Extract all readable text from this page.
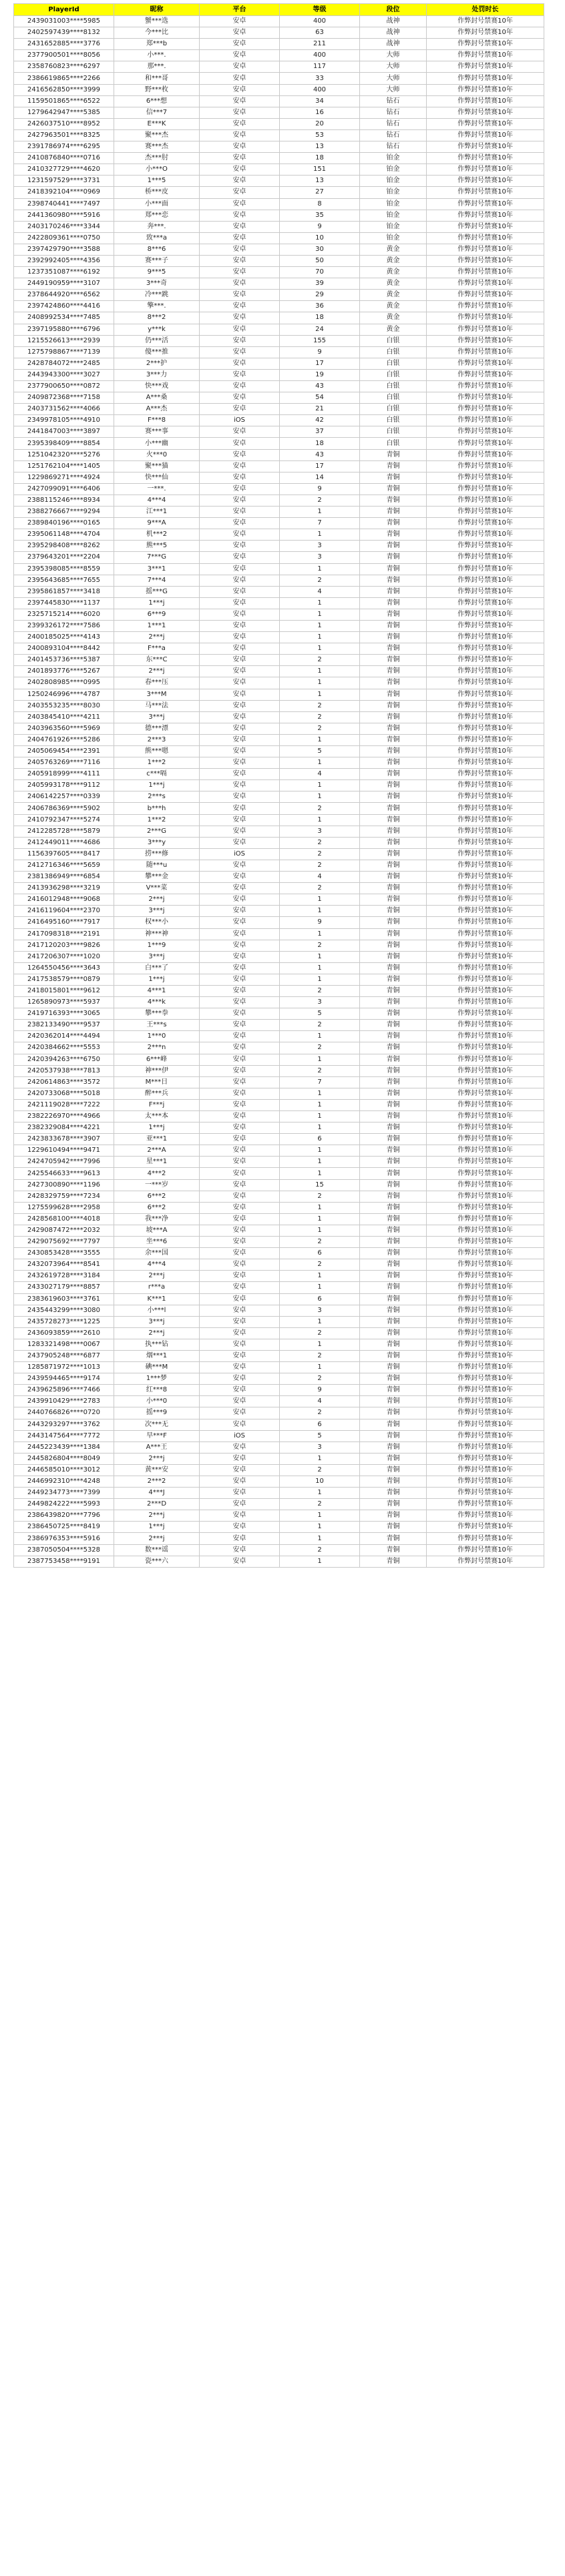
PlayerId	昵称	平台	等级	段位	处罚时长
2439031003****5985	蟹***选	安卓	400	战神	作弊封号禁赛10年
2402597439****8132	今***比	安卓	63	战神	作弊封号禁赛10年
2431652885****3776	郑***b	安卓	211	战神	作弊封号禁赛10年
2377900501****8056	小***.	安卓	400	大师	作弊封号禁赛10年
2358760823****6297	那***.	安卓	117	大师	作弊封号禁赛10年
2386619865****2266	和***哥	安卓	33	大师	作弊封号禁赛10年
2416562850****3999	野***枚	安卓	400	大师	作弊封号禁赛10年
1159501865****6522	6***想	安卓	34	钻石	作弊封号禁赛10年
1279642947****5385	信***7	安卓	16	钻石	作弊封号禁赛10年
2426037510****8952	E***K	安卓	20	钻石	作弊封号禁赛10年
2427963501****8325	聚***杰	安卓	53	钻石	作弊封号禁赛10年
2391786974****6295	赛***杰	安卓	13	钻石	作弊封号禁赛10年
2410876840****0716	杰***肘	安卓	18	铂金	作弊封号禁赛10年
2410327729****4620	小***O	安卓	151	铂金	作弊封号禁赛10年
1231597529****3731	1***5	安卓	13	铂金	作弊封号禁赛10年
2418392104****0969	桥***皮	安卓	27	铂金	作弊封号禁赛10年
2398740441****7497	小***面	安卓	8	铂金	作弊封号禁赛10年
2441360980****5916	郑***恋	安卓	35	铂金	作弊封号禁赛10年
2403170246****3344	奔***.	安卓	9	铂金	作弊封号禁赛10年
2422809361****0750	致***a	安卓	10	铂金	作弊封号禁赛10年
2397429790****3588	8***6	安卓	30	黄金	作弊封号禁赛10年
2392992405****4356	赛***子	安卓	50	黄金	作弊封号禁赛10年
1237351087****6192	9***5	安卓	70	黄金	作弊封号禁赛10年
2449190959****3107	3***奇	安卓	39	黄金	作弊封号禁赛10年
2378644920****6562	冷***跳	安卓	29	黄金	作弊封号禁赛10年
2397424860****4416	擎***.	安卓	36	黄金	作弊封号禁赛10年
2408992534****7485	8***2	安卓	18	黄金	作弊封号禁赛10年
2397195880****6796	y***k	安卓	24	黄金	作弊封号禁赛10年
1215526613****2939	仍***活	安卓	155	白银	作弊封号禁赛10年
1275798867****7139	傻***推	安卓	9	白银	作弊封号禁赛10年
2428784072****2485	2***护	安卓	17	白银	作弊封号禁赛10年
2443943300****3027	3***力	安卓	19	白银	作弊封号禁赛10年
2377900650****0872	快***戏	安卓	43	白银	作弊封号禁赛10年
2409872368****7158	A***桑	安卓	54	白银	作弊封号禁赛10年
2403731562****4066	A***杰	安卓	21	白银	作弊封号禁赛10年
2349978105****4910	F***8	iOS	42	白银	作弊封号禁赛10年
2441847003****3897	赛***事	安卓	37	白银	作弊封号禁赛10年
2395398409****8854	小***幽	安卓	18	白银	作弊封号禁赛10年
1251042320****5276	火***0	安卓	43	青铜	作弊封号禁赛10年
1251762104****1405	聚***猫	安卓	17	青铜	作弊封号禁赛10年
1229869271****4924	快***仙	安卓	14	青铜	作弊封号禁赛10年
2427099091****6406	一***.	安卓	9	青铜	作弊封号禁赛10年
2388115246****8934	4***4	安卓	2	青铜	作弊封号禁赛10年
2388276667****9294	江***1	安卓	1	青铜	作弊封号禁赛10年
2389840196****0165	9***A	安卓	7	青铜	作弊封号禁赛10年
2395061148****4704	机***2	安卓	1	青铜	作弊封号禁赛10年
2395298408****8262	熊***5	安卓	3	青铜	作弊封号禁赛10年
2379643201****2204	7***G	安卓	3	青铜	作弊封号禁赛10年
2395398085****8559	3***1	安卓	1	青铜	作弊封号禁赛10年
2395643685****7655	7***4	安卓	2	青铜	作弊封号禁赛10年
2395861857****3418	摇***G	安卓	4	青铜	作弊封号禁赛10年
2397445830****1137	1***j	安卓	1	青铜	作弊封号禁赛10年
2325715214****6020	6***9	安卓	1	青铜	作弊封号禁赛10年
2399326172****7586	1***1	安卓	1	青铜	作弊封号禁赛10年
2400185025****4143	2***j	安卓	1	青铜	作弊封号禁赛10年
2400893104****8442	F***a	安卓	1	青铜	作弊封号禁赛10年
2401453736****5387	东***C	安卓	2	青铜	作弊封号禁赛10年
2401893776****5267	2***j	安卓	1	青铜	作弊封号禁赛10年
2402808985****0995	春***压	安卓	1	青铜	作弊封号禁赛10年
1250246996****4787	3***M	安卓	1	青铜	作弊封号禁赛10年
2403553235****8030	马***法	安卓	2	青铜	作弊封号禁赛10年
2403845410****4211	3***j	安卓	2	青铜	作弊封号禁赛10年
2403963560****5969	德***漂	安卓	2	青铜	作弊封号禁赛10年
2404761926****5286	2***3	安卓	1	青铜	作弊封号禁赛10年
2405069454****2391	熊***嗯	安卓	5	青铜	作弊封号禁赛10年
2405763269****7116	1***2	安卓	1	青铜	作弊封号禁赛10年
2405918999****4111	c***嗝	安卓	4	青铜	作弊封号禁赛10年
2405993178****9112	1***j	安卓	1	青铜	作弊封号禁赛10年
2406142257****0339	2***s	安卓	1	青铜	作弊封号禁赛10年
2406786369****5902	b***h	安卓	2	青铜	作弊封号禁赛10年
2410792347****5274	1***2	安卓	1	青铜	作弊封号禁赛10年
2412285728****5879	2***G	安卓	3	青铜	作弊封号禁赛10年
2412449011****4686	3***y	安卓	2	青铜	作弊封号禁赛10年
1156397605****8417	捞***修	iOS	2	青铜	作弊封号禁赛10年
2412716346****5659	随***u	安卓	2	青铜	作弊封号禁赛10年
2381386949****6854	攀***金	安卓	4	青铜	作弊封号禁赛10年
2413936298****3219	V***菜	安卓	2	青铜	作弊封号禁赛10年
2416012948****9068	2***j	安卓	1	青铜	作弊封号禁赛10年
2416119604****2370	3***j	安卓	1	青铜	作弊封号禁赛10年
2416495160****7917	权***小	安卓	9	青铜	作弊封号禁赛10年
2417098318****2191	神***神	安卓	1	青铜	作弊封号禁赛10年
2417120203****9826	1***9	安卓	2	青铜	作弊封号禁赛10年
2417206307****1020	3***j	安卓	1	青铜	作弊封号禁赛10年
1264550456****3643	白***了	安卓	1	青铜	作弊封号禁赛10年
2417538579****0879	1***j	安卓	1	青铜	作弊封号禁赛10年
2418015801****9612	4***1	安卓	2	青铜	作弊封号禁赛10年
1265890973****5937	4***k	安卓	3	青铜	作弊封号禁赛10年
2419716393****3065	攀***拳	安卓	5	青铜	作弊封号禁赛10年
2382133490****9537	王***s	安卓	2	青铜	作弊封号禁赛10年
2420362014****4494	1***0	安卓	1	青铜	作弊封号禁赛10年
2420384662****5553	2***n	安卓	2	青铜	作弊封号禁赛10年
2420394263****6750	6***峰	安卓	1	青铜	作弊封号禁赛10年
2420537938****7813	神***伊	安卓	2	青铜	作弊封号禁赛10年
2420614863****3572	M***日	安卓	7	青铜	作弊封号禁赛10年
2420733068****5018	醉***兵	安卓	1	青铜	作弊封号禁赛10年
2421119028****7222	F***j	安卓	1	青铜	作弊封号禁赛10年
2382226970****4966	太***本	安卓	1	青铜	作弊封号禁赛10年
2382329084****4221	1***j	安卓	1	青铜	作弊封号禁赛10年
2423833678****3907	亚***1	安卓	6	青铜	作弊封号禁赛10年
1229610494****9471	2***A	安卓	1	青铜	作弊封号禁赛10年
2424705942****7996	星***1	安卓	1	青铜	作弊封号禁赛10年
2425546633****9613	4***2	安卓	1	青铜	作弊封号禁赛10年
2427300890****1196	一***岁	安卓	15	青铜	作弊封号禁赛10年
2428329759****7234	6***2	安卓	2	青铜	作弊封号禁赛10年
1275599628****2958	6***2	安卓	1	青铜	作弊封号禁赛10年
2428568100****4018	我***净	安卓	1	青铜	作弊封号禁赛10年
2429087472****2032	坡***A	安卓	1	青铜	作弊封号禁赛10年
2429075692****7797	坐***6	安卓	2	青铜	作弊封号禁赛10年
2430853428****3555	余***国	安卓	6	青铜	作弊封号禁赛10年
2432073964****8541	4***4	安卓	2	青铜	作弊封号禁赛10年
2432619728****3184	2***j	安卓	1	青铜	作弊封号禁赛10年
2433027179****8857	r***a	安卓	1	青铜	作弊封号禁赛10年
2383619603****3761	K***1	安卓	6	青铜	作弊封号禁赛10年
2435443299****3080	小***l	安卓	3	青铜	作弊封号禁赛10年
2435728273****1225	3***j	安卓	1	青铜	作弊封号禁赛10年
2436093859****2610	2***j	安卓	2	青铜	作弊封号禁赛10年
1283321498****0067	执***钻	安卓	1	青铜	作弊封号禁赛10年
2437905248****6877	烟***1	安卓	2	青铜	作弊封号禁赛10年
1285871972****1013	碘***M	安卓	1	青铜	作弊封号禁赛10年
2439594465****9174	1***梦	安卓	2	青铜	作弊封号禁赛10年
2439625896****7466	红***8	安卓	9	青铜	作弊封号禁赛10年
2439910429****2783	小***0	安卓	4	青铜	作弊封号禁赛10年
2440766826****0720	摇***9	安卓	2	青铜	作弊封号禁赛10年
2443293297****3762	次***无	安卓	6	青铜	作弊封号禁赛10年
2443147564****7772	早***F	iOS	5	青铜	作弊封号禁赛10年
2445223439****1384	A***王	安卓	3	青铜	作弊封号禁赛10年
2445826804****8049	2***j	安卓	1	青铜	作弊封号禁赛10年
2446585010****3012	黄***安	安卓	2	青铜	作弊封号禁赛10年
2446992310****4248	2***2	安卓	10	青铜	作弊封号禁赛10年
2449234773****7399	4***J	安卓	1	青铜	作弊封号禁赛10年
2449824222****5993	2***D	安卓	2	青铜	作弊封号禁赛10年
2386439820****7796	2***j	安卓	1	青铜	作弊封号禁赛10年
2386450725****8419	1***j	安卓	1	青铜	作弊封号禁赛10年
2386976353****5916	2***j	安卓	1	青铜	作弊封号禁赛10年
2387050504****5328	数***谣	安卓	2	青铜	作弊封号禁赛10年
2387753458****9191	瓷***六	安卓	1	青铜	作弊封号禁赛10年
